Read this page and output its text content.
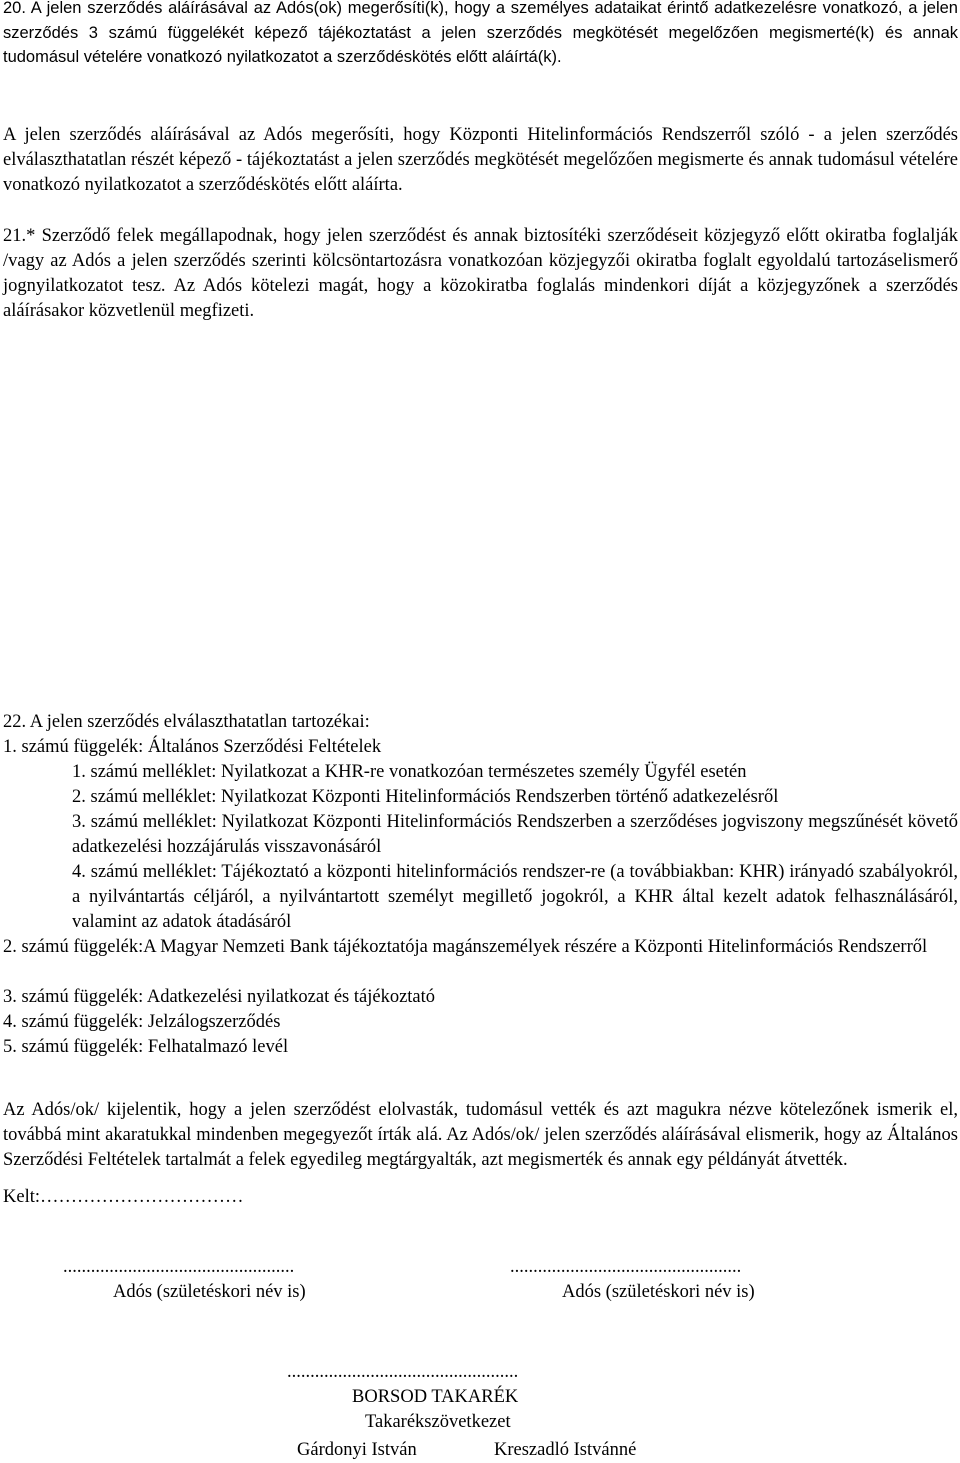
20. A jelen szerződés aláírásával az Adós(ok) megerősíti(k), hogy a személyes adataikat érintő adatkezelésre vonatkozó, a jelen szerződés 3 számú függelékét képező tájékoztatást a jelen szerződés megkötését megelőzően megismerté(k) és annak tudomásul vételére vonatkozó nyilatkozatot a szerződéskötés előtt aláírtá(k).

A jelen szerződés aláírásával az Adós megerősíti, hogy Központi Hitelinformációs Rendszerről szóló - a jelen szerződés elválaszthatatlan részét képező - tájékoztatást a jelen szerződés megkötését megelőzően megismerte és annak tudomásul vételére vonatkozó nyilatkozatot a szerződéskötés előtt aláírta.

21.* Szerződő felek megállapodnak, hogy jelen szerződést és annak biztosítéki szerződéseit közjegyző előtt okiratba foglalják /vagy az Adós a jelen szerződés szerinti kölcsöntartozásra vonatkozóan közjegyzői okiratba foglalt egyoldalú tartozáselismerő jognyilatkozatot tesz. Az Adós kötelezi magát, hogy a közokiratba foglalás mindenkori díját a közjegyzőnek a szerződés aláírásakor közvetlenül megfizeti.

22. A jelen szerződés elválaszthatatlan tartozékai:

1. számú függelék: Általános Szerződési Feltételek

1. számú melléklet: Nyilatkozat a KHR-re vonatkozóan természetes személy Ügyfél esetén

2. számú melléklet: Nyilatkozat Központi Hitelinformációs Rendszerben történő adatkezelésről

3. számú melléklet: Nyilatkozat Központi Hitelinformációs Rendszerben a szerződéses jogviszony megszűnését követő adatkezelési hozzájárulás visszavonásáról

4. számú melléklet: Tájékoztató a központi hitelinformációs rendszer-re (a továbbiakban: KHR) irányadó szabályokról, a nyilvántartás céljáról, a nyilvántartott személyt megillető jogokról, a KHR által kezelt adatok felhasználásáról, valamint az adatok átadásáról

2. számú függelék:A Magyar Nemzeti Bank tájékoztatója magánszemélyek részére a Központi Hitelinformációs Rendszerről

3. számú függelék: Adatkezelési nyilatkozat és tájékoztató

4. számú függelék: Jelzálogszerződés

5. számú függelék: Felhatalmazó levél

Az Adós/ok/ kijelentik, hogy a jelen szerződést elolvasták, tudomásul vették és azt magukra nézve kötelezőnek ismerik el, továbbá mint akaratukkal mindenben megegyezőt írták alá. Az Adós/ok/ jelen szerződés aláírásával elismerik, hogy az Általános Szerződési Feltételek tartalmát a felek egyedileg megtárgyalták, azt megismerték és annak egy példányát átvették.

Kelt:……………………………

..................................................	..................................................

Adós (születéskori név is)	Adós (születéskori név is)

..................................................

BORSOD TAKARÉK

Takarékszövetkezet

Gárdonyi István	Kreszadló Istvánné
